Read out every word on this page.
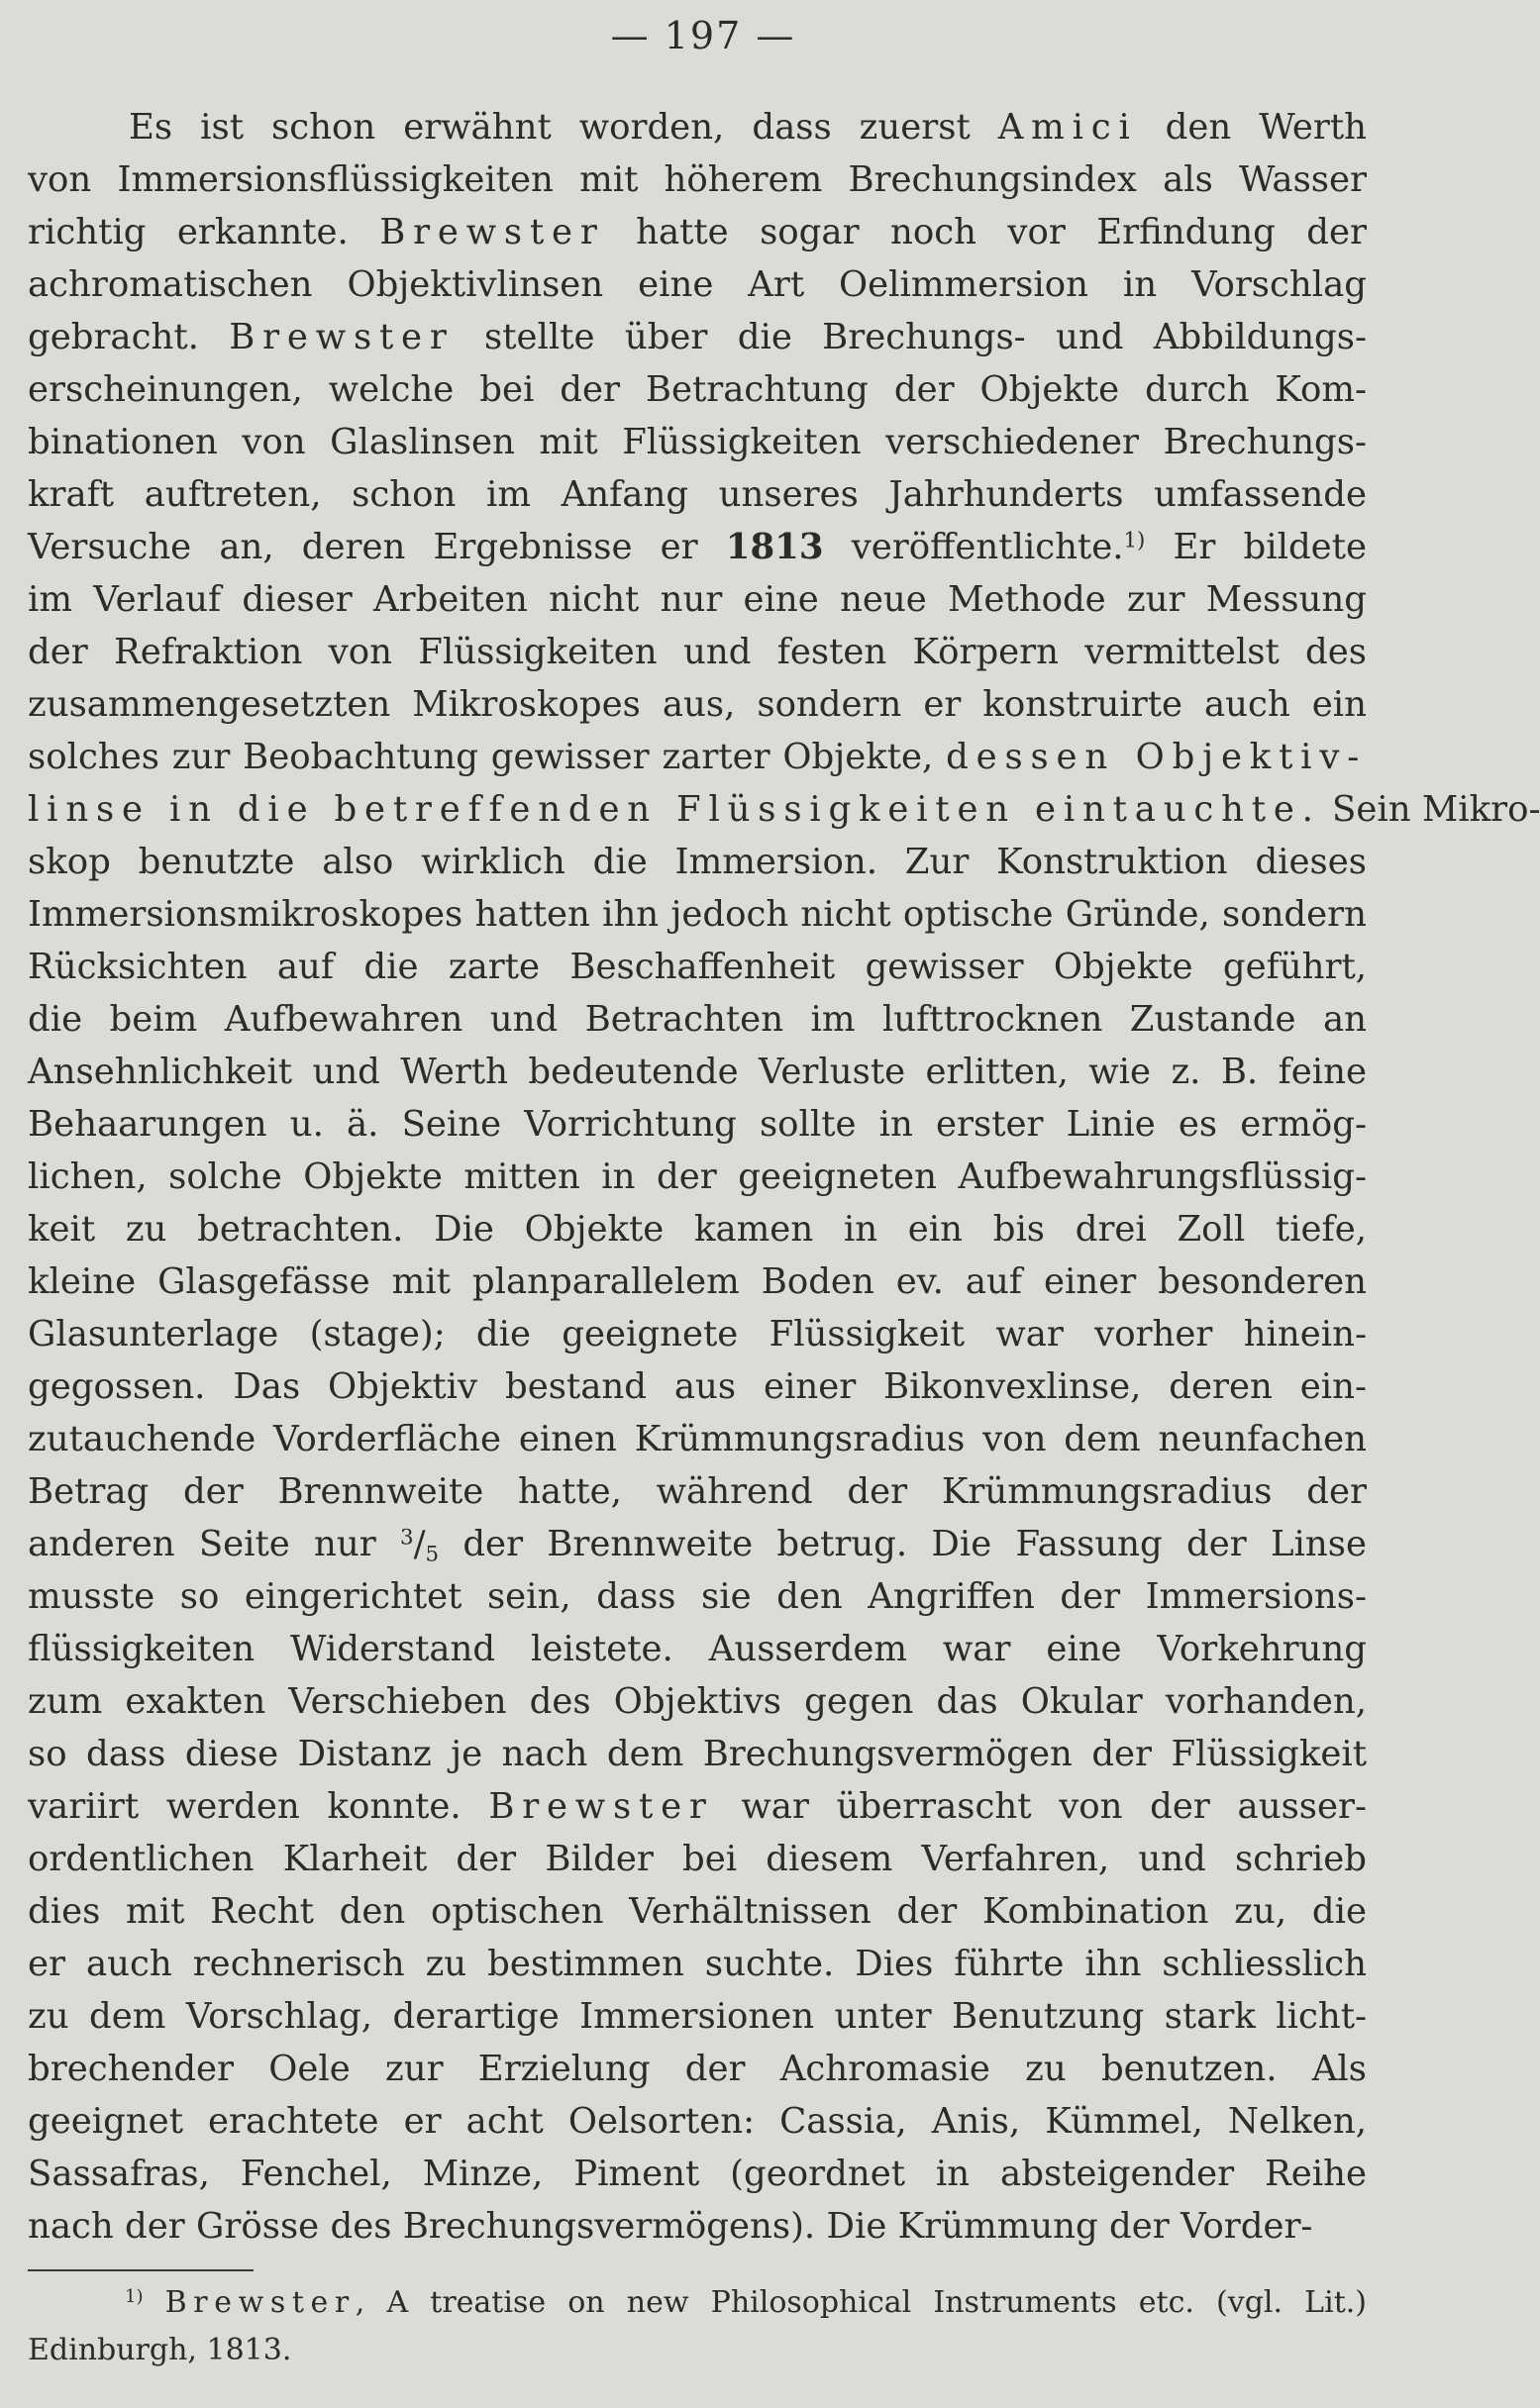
— 197 —
Es ist schon erwähnt worden, dass zuerst Amici den Werth
von Immersionsflüssigkeiten mit höherem Brechungsindex als Wasser
richtig erkannte. Brewster hatte sogar noch vor Erfindung der
achromatischen Objektivlinsen eine Art Oelimmersion in Vorschlag
gebracht. Brewster stellte über die Brechungs- und Abbildungs-
erscheinungen, welche bei der Betrachtung der Objekte durch Kom-
binationen von Glaslinsen mit Flüssigkeiten verschiedener Brechungs-
kraft auftreten, schon im Anfang unseres Jahrhunderts umfassende
Versuche an, deren Ergebnisse er 1813 veröffentlichte.$^{1)}$ Er bildete
im Verlauf dieser Arbeiten nicht nur eine neue Methode zur Messung
der Refraktion von Flüssigkeiten und festen Körpern vermittelst des
zusammengesetzten Mikroskopes aus, sondern er konstruirte auch ein
solches zur Beobachtung gewisser zarter Objekte, dessen Objektiv-
linse in die betreffenden Flüssigkeiten eintauchte. Sein Mikro-
skop benutzte also wirklich die Immersion. Zur Konstruktion dieses
Immersionsmikroskopes hatten ihn jedoch nicht optische Gründe, sondern
Rücksichten auf die zarte Beschaffenheit gewisser Objekte geführt,
die beim Aufbewahren und Betrachten im lufttrocknen Zustande an
Ansehnlichkeit und Werth bedeutende Verluste erlitten, wie z. B. feine
Behaarungen u. ä. Seine Vorrichtung sollte in erster Linie es ermög-
lichen, solche Objekte mitten in der geeigneten Aufbewahrungsflüssig-
keit zu betrachten. Die Objekte kamen in ein bis drei Zoll tiefe,
kleine Glasgefässe mit planparallelem Boden ev. auf einer besonderen
Glasunterlage (stage); die geeignete Flüssigkeit war vorher hinein-
gegossen. Das Objektiv bestand aus einer Bikonvexlinse, deren ein-
zutauchende Vorderfläche einen Krümmungsradius von dem neunfachen
Betrag der Brennweite hatte, während der Krümmungsradius der
anderen Seite nur $^3/_5$ der Brennweite betrug. Die Fassung der Linse
musste so eingerichtet sein, dass sie den Angriffen der Immersions-
flüssigkeiten Widerstand leistete. Ausserdem war eine Vorkehrung
zum exakten Verschieben des Objektivs gegen das Okular vorhanden,
so dass diese Distanz je nach dem Brechungsvermögen der Flüssigkeit
variirt werden konnte. Brewster war überrascht von der ausser-
ordentlichen Klarheit der Bilder bei diesem Verfahren, und schrieb
dies mit Recht den optischen Verhältnissen der Kombination zu, die
er auch rechnerisch zu bestimmen suchte. Dies führte ihn schliesslich
zu dem Vorschlag, derartige Immersionen unter Benutzung stark licht-
brechender Oele zur Erzielung der Achromasie zu benutzen. Als
geeignet erachtete er acht Oelsorten: Cassia, Anis, Kümmel, Nelken,
Sassafras, Fenchel, Minze, Piment (geordnet in absteigender Reihe
nach der Grösse des Brechungsvermögens). Die Krümmung der Vorder-
$^{1)}$ Brewster, A treatise on new Philosophical Instruments etc. (vgl. Lit.)
Edinburgh, 1813.
